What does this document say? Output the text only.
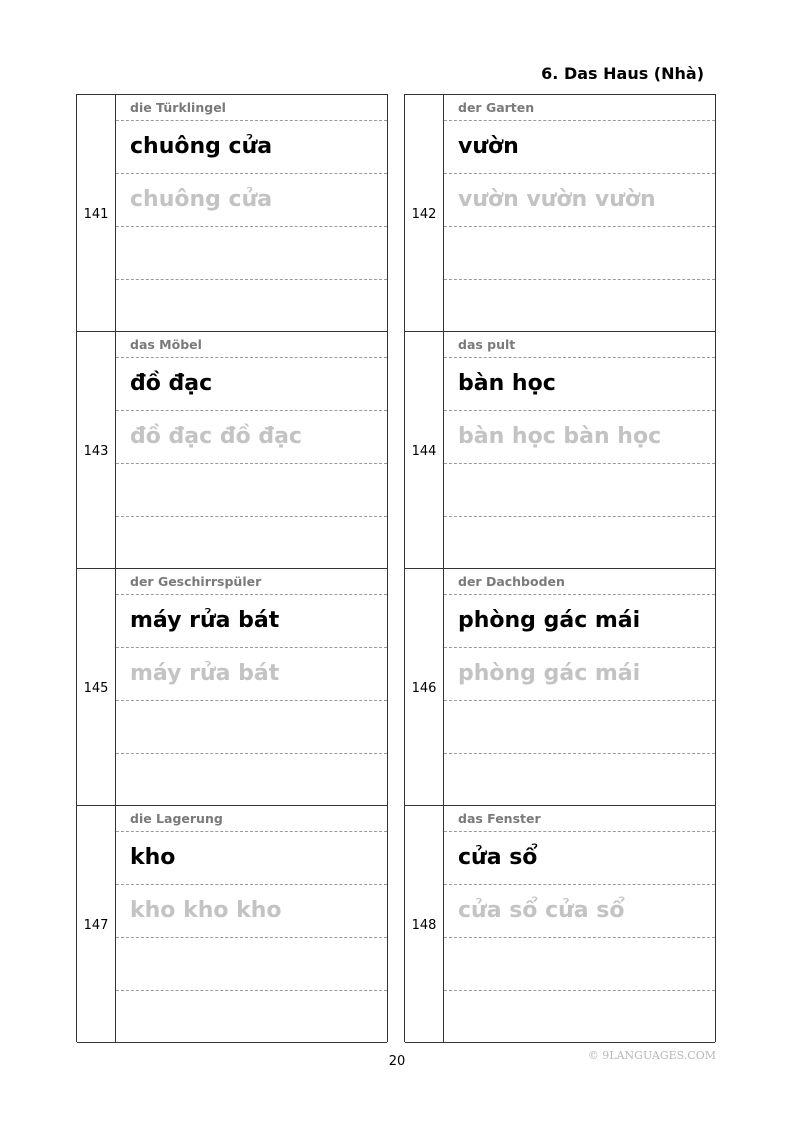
6. Das Haus (Nhà)
141
die Türklingel
chuông cửa
chuông cửa
143
das Möbel
đồ đạc
đồ đạc đồ đạc
145
der Geschirrspüler
máy rửa bát
máy rửa bát
147
die Lagerung
kho
kho kho kho
142
der Garten
vườn
vườn vườn vườn
144
das pult
bàn học
bàn học bàn học
146
der Dachboden
phòng gác mái
phòng gác mái
148
das Fenster
cửa sổ
cửa sổ cửa sổ
20	© 9LANGUAGES.COM
